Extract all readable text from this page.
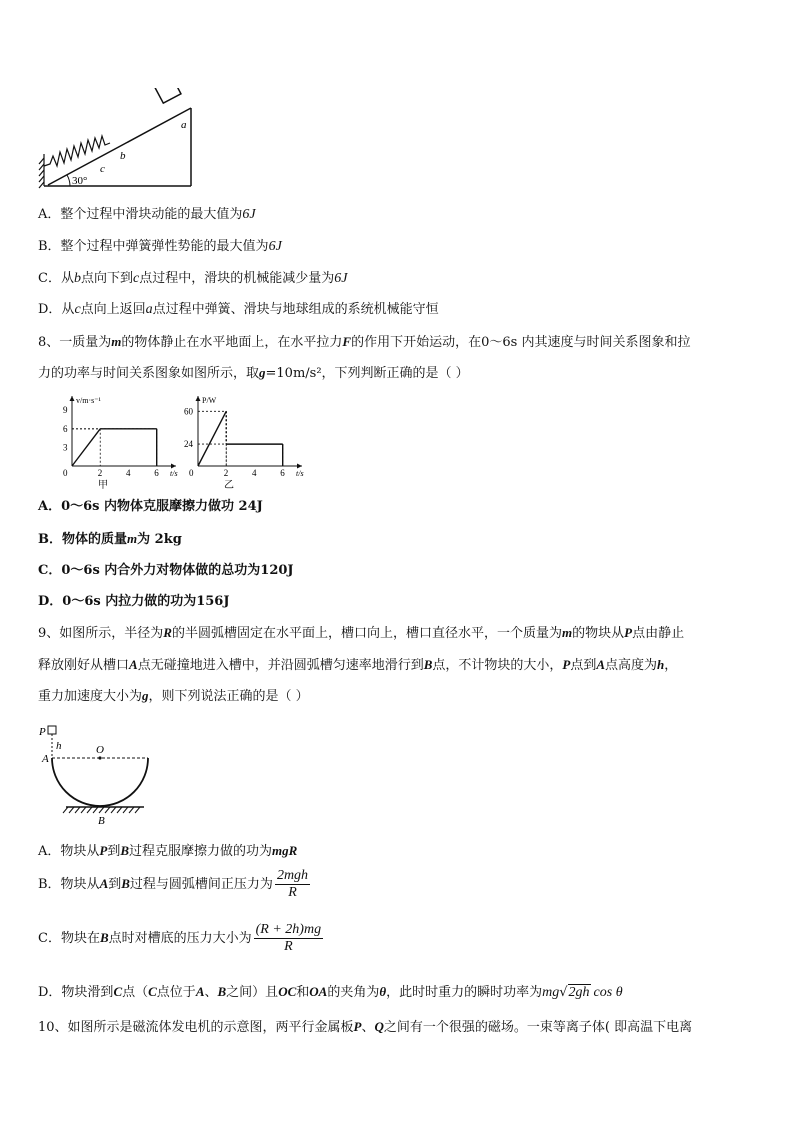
30°
c
b
a
A．整个过程中滑块动能的最大值为6J
B．整个过程中弹簧弹性势能的最大值为6J
C．从b点向下到c点过程中，滑块的机械能减少量为6J
D．从c点向上返回a点过程中弹簧、滑块与地球组成的系统机械能守恒
8、一质量为m的物体静止在水平地面上，在水平拉力F的作用下开始运动，在0～6s 内其速度与时间关系图象和拉
力的功率与时间关系图象如图所示，取g=10m/s²，下列判断正确的是（ ）
v/m·s⁻¹
t/s
0	2	4	6
3
6
9
甲
P/W
t/s
0	2	4	6
24
60
乙
A．0～6s 内物体克服摩擦力做功 24J
B．物体的质量m为 2kg
C．0～6s 内合外力对物体做的总功为120J
D．0～6s 内拉力做的功为156J
9、如图所示，半径为R的半圆弧槽固定在水平面上，槽口向上，槽口直径水平，一个质量为m的物块从P点由静止
释放刚好从槽口A点无碰撞地进入槽中，并沿圆弧槽匀速率地滑行到B点，不计物块的大小，P点到A点高度为h，
重力加速度大小为g，则下列说法正确的是（ ）
P
h	O
A
B
A．物块从P到B过程克服摩擦力做的功为mgR
B．物块从A到B过程与圆弧槽间正压力为 $\frac{\text{2mgh}}{R}$
C．物块在B点时对槽底的压力大小为 $\frac{(R + 2h)mg}{R}$
D．物块滑到C点（C点位于A、B之间）且OC和OA的夹角为θ，此时时重力的瞬时功率为mg√2gh cos θ
10、如图所示是磁流体发电机的示意图，两平行金属板P、Q之间有一个很强的磁场。一束等离子体( 即高温下电离
